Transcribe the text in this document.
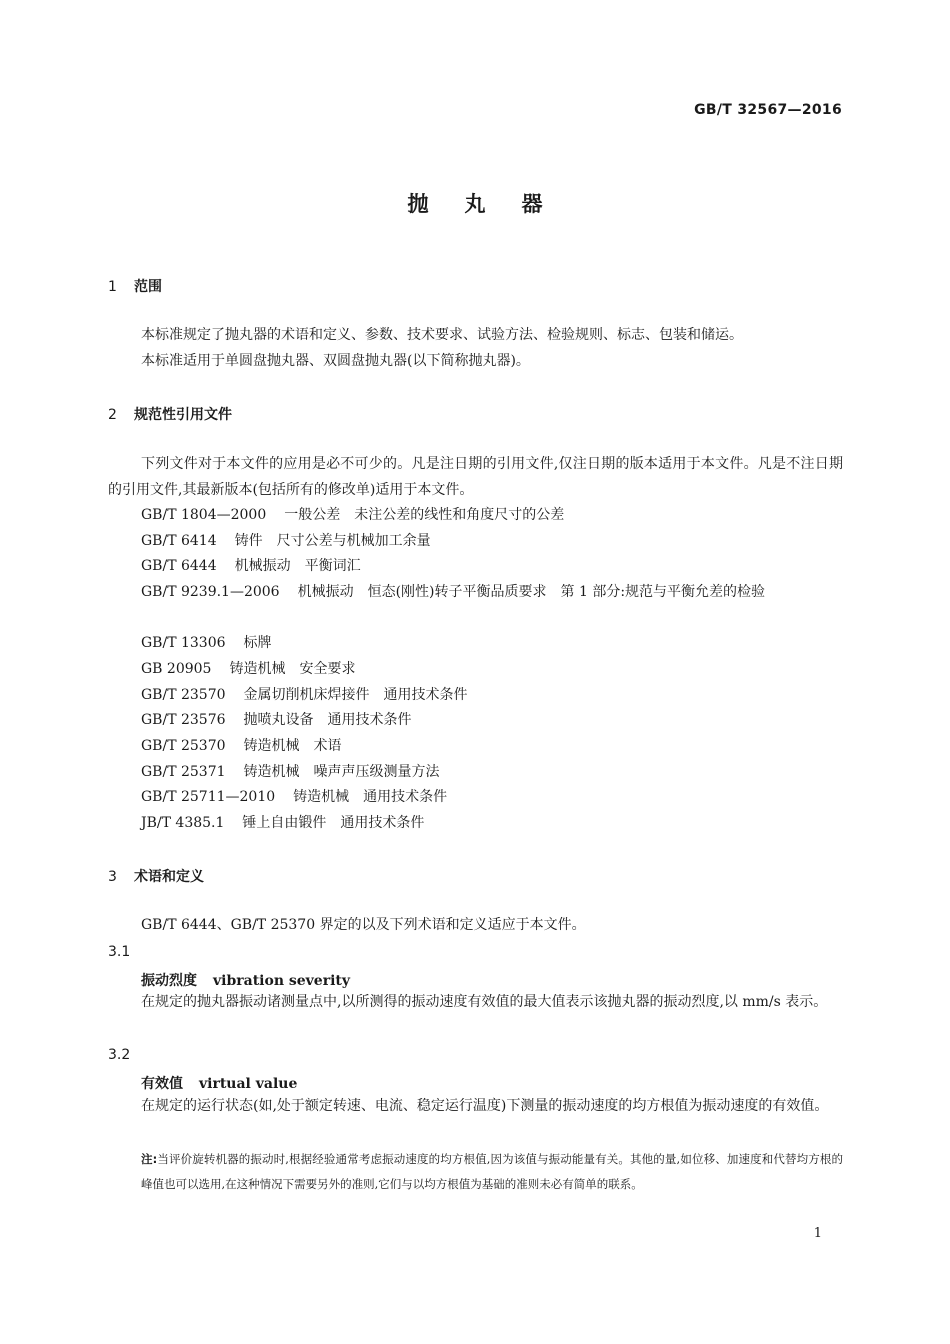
GB/T 32567—2016
抛 丸 器
1 范围
本标准规定了抛丸器的术语和定义、参数、技术要求、试验方法、检验规则、标志、包装和储运。
本标准适用于单圆盘抛丸器、双圆盘抛丸器(以下简称抛丸器)。
2 规范性引用文件
下列文件对于本文件的应用是必不可少的。凡是注日期的引用文件,仅注日期的版本适用于本文件。凡是不注日期的引用文件,其最新版本(包括所有的修改单)适用于本文件。
GB/T 1804—2000 一般公差　未注公差的线性和角度尺寸的公差
GB/T 6414 铸件　尺寸公差与机械加工余量
GB/T 6444 机械振动　平衡词汇
GB/T 9239.1—2006 机械振动　恒态(刚性)转子平衡品质要求　第 1 部分:规范与平衡允差的检验
GB/T 13306 标牌
GB 20905 铸造机械　安全要求
GB/T 23570 金属切削机床焊接件　通用技术条件
GB/T 23576 抛喷丸设备　通用技术条件
GB/T 25370 铸造机械　术语
GB/T 25371 铸造机械　噪声声压级测量方法
GB/T 25711—2010 铸造机械　通用技术条件
JB/T 4385.1 锤上自由锻件　通用技术条件
3 术语和定义
GB/T 6444、GB/T 25370 界定的以及下列术语和定义适应于本文件。
3.1
振动烈度 vibration severity
在规定的抛丸器振动诸测量点中,以所测得的振动速度有效值的最大值表示该抛丸器的振动烈度,以 mm/s 表示。
3.2
有效值 virtual value
在规定的运行状态(如,处于额定转速、电流、稳定运行温度)下测量的振动速度的均方根值为振动速度的有效值。
注:当评价旋转机器的振动时,根据经验通常考虑振动速度的均方根值,因为该值与振动能量有关。其他的量,如位移、加速度和代替均方根的峰值也可以选用,在这种情况下需要另外的准则,它们与以均方根值为基础的准则未必有简单的联系。
1
